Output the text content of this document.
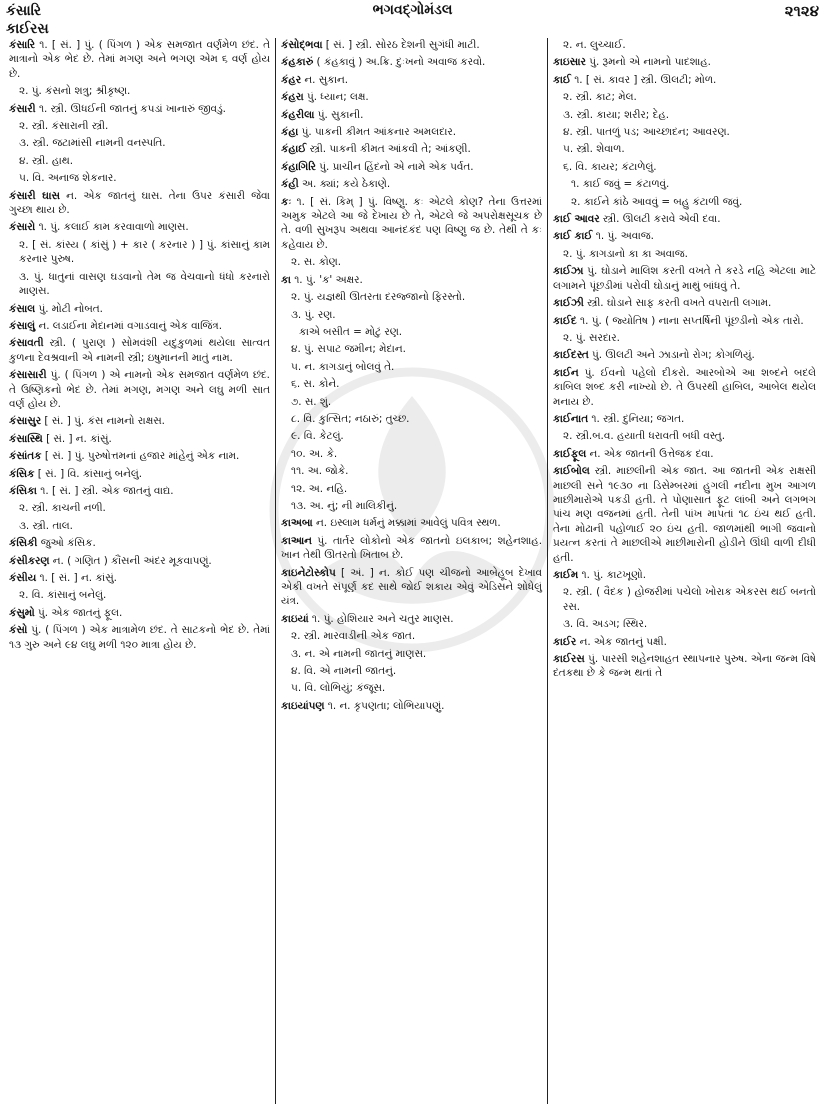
કંસારિ
કાઈરસ
ભગવદ્ગોમંડલ	૨૧૨૪
કંસારિ ૧. [ સં. ] પું. ( પિંગળ ) એક સમજાત વર્ણમેળ છંદ. તે માત્રાનો એક ભેદ છે. તેમાં મગણ અને ભગણ એમ ૬ વર્ણ હોય છે.
૨. પું. કંસનો શત્રુ; શ્રીકૃષ્ણ.
કંસારી ૧. સ્ત્રી. ઊધઈની જાતનું કપડાં ખાનારું જીવડું.
૨. સ્ત્રી. કંસારાની સ્ત્રી.
૩. સ્ત્રી. જટામાંસી નામની વનસ્પતિ.
૪. સ્ત્રી. હાથ.
૫. વિ. અનાજ શેકનાર.
કંસારી ઘાસ ન. એક જાતનું ઘાસ. તેના ઉપર કંસારી જેવા ગુચ્છા થાય છે.
કંસારો ૧. પું. કલાઈ કામ કરવાવાળો માણસ.
૨. [ સં. કાંસ્ય ( કાંસું ) + કાર ( કરનાર ) ] પું. કાંસાનું કામ કરનાર પુરુષ.
૩. પું. ધાતુનાં વાસણ ઘડવાનો તેમ જ વેચવાનો ધંધો કરનારો માણસ.
કંસાલ પું. મોટી નોબત.
કંસાલું ન. લડાઈના મેદાનમાં વગાડવાનું એક વાજિંત્ર.
કંસાવતી સ્ત્રી. ( પુરાણ ) સોમવંશી યદુકુળમાં થયેલા સાત્વત કુળના દેવશ્રવાની એ નામની સ્ત્રી; ઇષુમાનની માતું નામ.
કંસાસારી પું. ( પિંગળ ) એ નામનો એક સમજાત વર્ણમેળ છંદ. તે ઉષ્ણિકનો ભેદ છે. તેમાં મગણ, મગણ અને લઘુ મળી સાત વર્ણ હોય છે.
કંસાસુર [ સં. ] પું. કંસ નામનો રાક્ષસ.
કંસાસ્થિ [ સં. ] ન. કાંસું.
કંસાંતક [ સં. ] પું. પુરુષોત્તમનાં હજાર માંહેનું એક નામ.
કંસિક [ સં. ] વિ. કાંસાનું બનેલું.
કંસિકા ૧. [ સં. ] સ્ત્રી. એક જાતનું વાદ્ય.
૨. સ્ત્રી. કાચની નળી.
૩. સ્ત્રી. તાલ.
કંસિકી જુઓ કંસિક.
કંસીકરણ ન. ( ગણિત ) કૌંસની અંદર મૂકવાપણું.
કંસીય ૧. [ સં. ] ન. કાંસું.
૨. વિ. કાંસાનું બનેલું.
કંસુમો પું. એક જાતનું ફૂલ.
કંસો પું. ( પિંગળ ) એક માત્રામેળ છંદ. તે સાટકનો ભેદ છે. તેમાં ૧૩ ગુરુ અને ૯૪ લઘુ મળી ૧૨૦ માત્રા હોય છે.
કંસોદ્ભવા [ સં. ] સ્ત્રી. સોરઠ દેશની સુગંધી માટી.
કંહકારું ( કંહકાવું ) અ.ક્રિ. દુઃખનો અવાજ કરવો.
કંહર ન. સુકાન.
કંહરા પું. ધ્યાન; લક્ષ.
કંહરીલા પું. સુકાની.
કંહા પું. પાકની કીમત આંકનાર અમલદાર.
કંહાઈ સ્ત્રી. પાકની કીમત આંકવી તે; આંકણી.
કંહાગિરિ પું. પ્રાચીન હિંદનો એ નામે એક પર્વત.
કંહી અ. ક્યાં; કયે ઠેકાણે.
કઃ ૧. [ સં. કિમ્ ] પું. વિષ્ણુ. કઃ એટલે કોણ? તેના ઉત્તરમાં અમુક એટલે આ જે દેખાય છે તે, એટલે જે અપરોક્ષસૂચક છે તે. વળી સુખરૂપ અથવા આનંદકંદ પણ વિષ્ણુ જ છે. તેથી તે કઃ કહેવાય છે.
૨. સ. કોણ.
કા ૧. પું. 'ક' અક્ષર.
૨. પું. યજ્ઞથી ઊતરતા દરજ્જાનો ફિરસ્તો.
૩. પું. રણ.
કાએ બસીત = મોટું રણ.
૪. પું. સપાટ જમીન; મેદાન.
૫. ન. કાગડાનું બોલવું તે.
૬. સ. કોને.
૭. સ. શું.
૮. વિ. કુત્સિત; નઠારું; તુચ્છ.
૯. વિ. કેટલું.
૧૦. અ. કે.
૧૧. અ. જોકે.
૧૨. અ. નહિ.
૧૩. અ. નું; ની માલિકીનું.
કાઅબા ન. ઇસ્લામ ધર્મનું મક્કામાં આવેલું પવિત્ર સ્થળ.
કાઆન પું. તાર્તર લોકોનો એક જાતનો ઇલકાબ; શહેનશાહ. ખાન તેથી ઊતરતો ખિતાબ છે.
કાઇનેટોસ્કોપ [ અં. ] ન. કોઈ પણ ચીજનો આબેહૂબ દેખાવ એકી વખતે સંપૂર્ણ કદ સાથે જોઈ શકાય એવું એડિસને શોધેલું યંત્ર.
કાઇયાં ૧. પું. હોશિયાર અને ચતુર માણસ.
૨. સ્ત્રી. મારવાડીની એક જાત.
૩. ન. એ નામની જાતનું માણસ.
૪. વિ. એ નામની જાતનું.
૫. વિ. લોભિયું; કંજૂસ.
કાઇયાંપણ ૧. ન. કૃપણતા; લોભિયાપણું.
૨. ન. લુચ્ચાઈ.
કાઇસાર પું. રૂમનો એ નામનો પાદશાહ.
કાઈ ૧. [ સં. કાવર ] સ્ત્રી. ઊલટી; મોળ.
૨. સ્ત્રી. કાટ; મેલ.
૩. સ્ત્રી. કાયા; શરીર; દેહ.
૪. સ્ત્રી. પાતળું પડ; આચ્છાદન; આવરણ.
૫. સ્ત્રી. શેવાળ.
૬. વિ. કાયર; કંટાળેલું.
૧. કાઈ જવું = કંટાળવું.
૨. કાઈને કાંઠે આવવું = બહુ કંટાળી જવું.
કાઈ આવર સ્ત્રી. ઊલટી કરાવે એવી દવા.
કાઈ કાઈ ૧. પું. અવાજ.
૨. પું. કાગડાનો કા કા અવાજ.
કાઈઝા પું. ઘોડાને માલિશ કરતી વખતે તે કરડે નહિ એટલા માટે લગામને પૂંછડીમાં પરોવી ઘોડાનું માથું બાંધવું તે.
કાઈઝી સ્ત્રી. ઘોડાને સાફ કરતી વખતે વપરાતી લગામ.
કાઈદ ૧. પું. ( જ્યોતિષ ) નાના સપ્તર્ષિની પૂંછડીનો એક તારો.
૨. પું. સરદાર.
કાઈદસ્ત પું. ઊલટી અને ઝાડાનો રોગ; કોગળિયું.
કાઈન પું. ઈવનો પહેલો દીકરો. આરબોએ આ શબ્દને બદલે કાબિલ શબ્દ કરી નાખ્યો છે. તે ઉપરથી હાબિલ, આબેલ થયેલ મનાય છે.
કાઈનાત ૧. સ્ત્રી. દુનિયા; જગત.
૨. સ્ત્રી.બ.વ. હયાતી ધરાવતી બધી વસ્તુ.
કાઈફૂલ ન. એક જાતની ઉત્તેજક દવા.
કાઈબોલ સ્ત્રી. માછલીની એક જાત. આ જાતની એક રાક્ષસી માછલી સને ૧૯૩૦ ના ડિસેમ્બરમાં હુગલી નદીના મુખ આગળ માછીમારોએ પકડી હતી. તે પોણાસાત ફૂટ લાંબી અને લગભગ પાંચ મણ વજનમાં હતી. તેની પાંખ માપતાં ૧૮ ઇંચ થઈ હતી. તેના મોઢાની પહોળાઈ ૨૦ ઇંચ હતી. જાળમાંથી ભાગી જવાનો પ્રયત્ન કરતાં તે માછલીએ માછીમારોની હોડીને ઊંધી વાળી દીધી હતી.
કાઈમ ૧. પું. કાટખૂણો.
૨. સ્ત્રી. ( વૈદક ) હોજરીમાં પચેલો ખોરાક એકરસ થઈ બનતો રસ.
૩. વિ. અડગ; સ્થિર.
કાઈર ન. એક જાતનું પક્ષી.
કાઈરસ પું. પારસી શહેનશાહત સ્થાપનાર પુરુષ. એના જન્મ વિષે દંતકથા છે કે જન્મ થતાં તે
